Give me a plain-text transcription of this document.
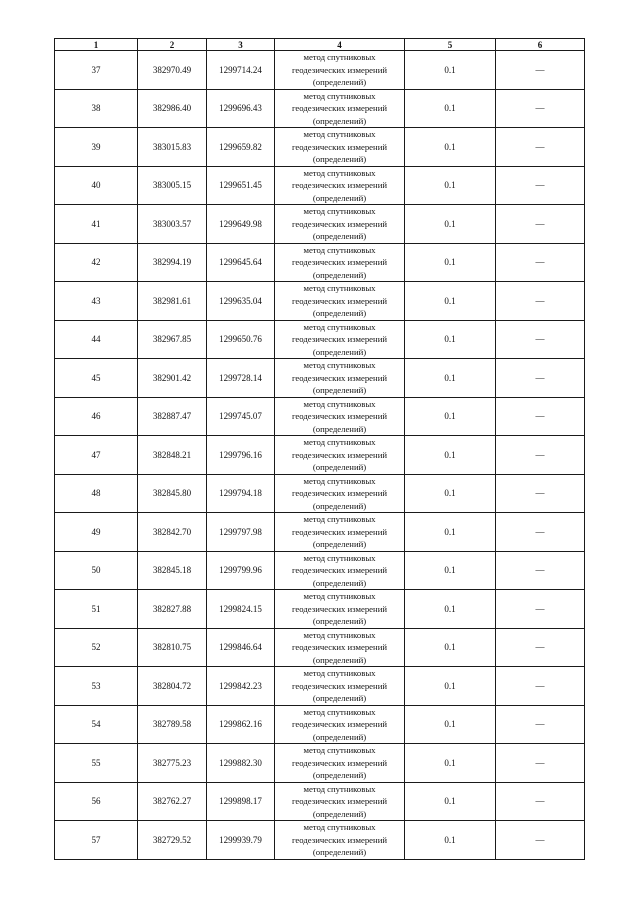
1	2	3	4	5	6
37	382970.49	1299714.24	метод спутниковых
геодезических измерений
(определений)	0.1	—
38	382986.40	1299696.43	метод спутниковых
геодезических измерений
(определений)	0.1	—
39	383015.83	1299659.82	метод спутниковых
геодезических измерений
(определений)	0.1	—
40	383005.15	1299651.45	метод спутниковых
геодезических измерений
(определений)	0.1	—
41	383003.57	1299649.98	метод спутниковых
геодезических измерений
(определений)	0.1	—
42	382994.19	1299645.64	метод спутниковых
геодезических измерений
(определений)	0.1	—
43	382981.61	1299635.04	метод спутниковых
геодезических измерений
(определений)	0.1	—
44	382967.85	1299650.76	метод спутниковых
геодезических измерений
(определений)	0.1	—
45	382901.42	1299728.14	метод спутниковых
геодезических измерений
(определений)	0.1	—
46	382887.47	1299745.07	метод спутниковых
геодезических измерений
(определений)	0.1	—
47	382848.21	1299796.16	метод спутниковых
геодезических измерений
(определений)	0.1	—
48	382845.80	1299794.18	метод спутниковых
геодезических измерений
(определений)	0.1	—
49	382842.70	1299797.98	метод спутниковых
геодезических измерений
(определений)	0.1	—
50	382845.18	1299799.96	метод спутниковых
геодезических измерений
(определений)	0.1	—
51	382827.88	1299824.15	метод спутниковых
геодезических измерений
(определений)	0.1	—
52	382810.75	1299846.64	метод спутниковых
геодезических измерений
(определений)	0.1	—
53	382804.72	1299842.23	метод спутниковых
геодезических измерений
(определений)	0.1	—
54	382789.58	1299862.16	метод спутниковых
геодезических измерений
(определений)	0.1	—
55	382775.23	1299882.30	метод спутниковых
геодезических измерений
(определений)	0.1	—
56	382762.27	1299898.17	метод спутниковых
геодезических измерений
(определений)	0.1	—
57	382729.52	1299939.79	метод спутниковых
геодезических измерений
(определений)	0.1	—
